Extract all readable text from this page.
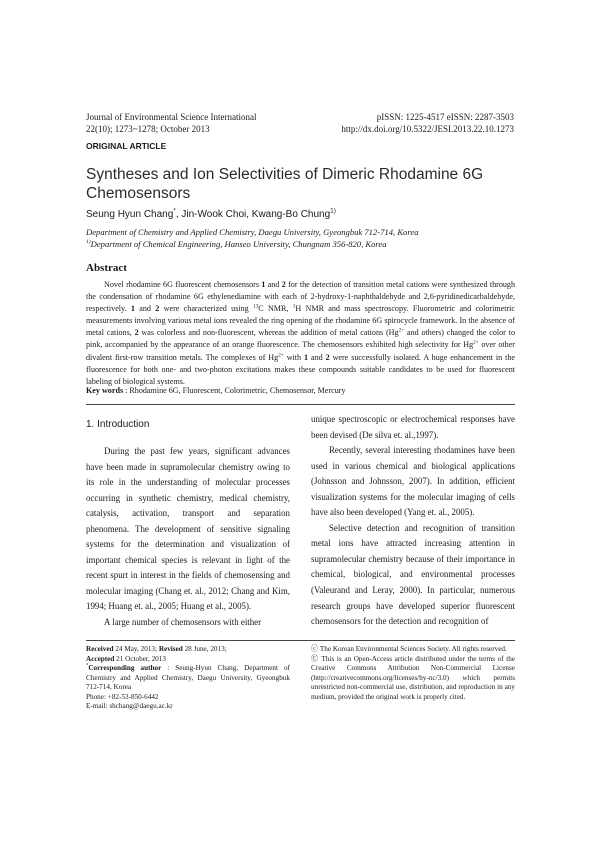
Journal of Environmental Science International
22(10); 1273~1278; October 2013
pISSN: 1225-4517 eISSN: 2287-3503
http://dx.doi.org/10.5322/JESI.2013.22.10.1273
ORIGINAL ARTICLE
Syntheses and Ion Selectivities of Dimeric Rhodamine 6G
Chemosensors
Seung Hyun Chang*, Jin-Wook Choi, Kwang-Bo Chung$^{1)}$
Department of Chemistry and Applied Chemistry, Daegu University, Gyeongbuk 712-714, Korea
$^{1)}$Department of Chemical Engineering, Hanseo University, Chungnam 356-820, Korea
Abstract
Novel rhodamine 6G fluorescent chemosensors 1 and 2 for the detection of transition metal cations were synthesized through the condensation of rhodamine 6G ethylenediamine with each of 2-hydroxy-1-naphthaldehyde and 2,6-pyridinedicarbaldehyde, respectively. 1 and 2 were characterized using $^{13}$C NMR, $^1$H NMR and mass spectroscopy. Fluorometric and colorimetric measurements involving various metal ions revealed the ring opening of the rhodamine 6G spirocycle framework. In the absence of metal cations, 2 was colorless and non-fluorescent, whereas the addition of metal cations ($Hg^{2+}$ and others) changed the color to pink, accompanied by the appearance of an orange fluorescence. The chemosensors exhibited high selectivity for $Hg^{2+}$ over other divalent first-row transition metals. The complexes of $Hg^{2+}$ with 1 and 2 were successfully isolated. A huge enhancement in the fluorescence for both one- and two-photon excitations makes these compounds suitable candidates to be used for fluorescent labeling of biological systems.
Key words : Rhodamine 6G, Fluorescent, Colorimetric, Chemosensor, Mercury
1. Introduction

During the past few years, significant advances have been made in supramolecular chemistry owing to its role in the understanding of molecular processes occurring in synthetic chemistry, medical chemistry, catalysis, activation, transport and separation phenomena. The development of sensitive signaling systems for the determination and visualization of important chemical species is relevant in light of the recent spurt in interest in the fields of chemosensing and molecular imaging (Chang et. al., 2012; Chang and Kim, 1994; Huang et. al., 2005; Huang et al., 2005).

A large number of chemosensors with either

unique spectroscopic or electrochemical responses have been devised (De silva et. al.,1997).

Recently, several interesting rhodamines have been used in various chemical and biological applications (Johnsson and Johnsson, 2007). In addition, efficient visualization systems for the molecular imaging of cells have also been developed (Yang et. al., 2005).

Selective detection and recognition of transition metal ions have attracted increasing attention in supramolecular chemistry because of their importance in chemical, biological, and environmental processes (Valeurand and Leray, 2000). In particular, numerous research groups have developed superior fluorescent chemosensors for the detection and recognition of

Received 24 May, 2013; Revised 28 June, 2013;
Accepted 21 October, 2013
*Corresponding author : Seung-Hyun Chang, Department of Chemistry and Applied Chemistry, Daegu University, Gyeongbuk 712-714, Korea
Phone: +82-53-850-6442
E-mail: shchang@daegu.ac.kr
ⓒ The Korean Environmental Sciences Society. All rights reserved.
Ⓒ This is an Open-Access article distributed under the terms of the Creative Commons Attribution Non-Commercial License (http://creativecommons.org/licenses/by-nc/3.0) which permits unrestricted non-commercial use, distribution, and reproduction in any medium, provided the original work is properly cited.
